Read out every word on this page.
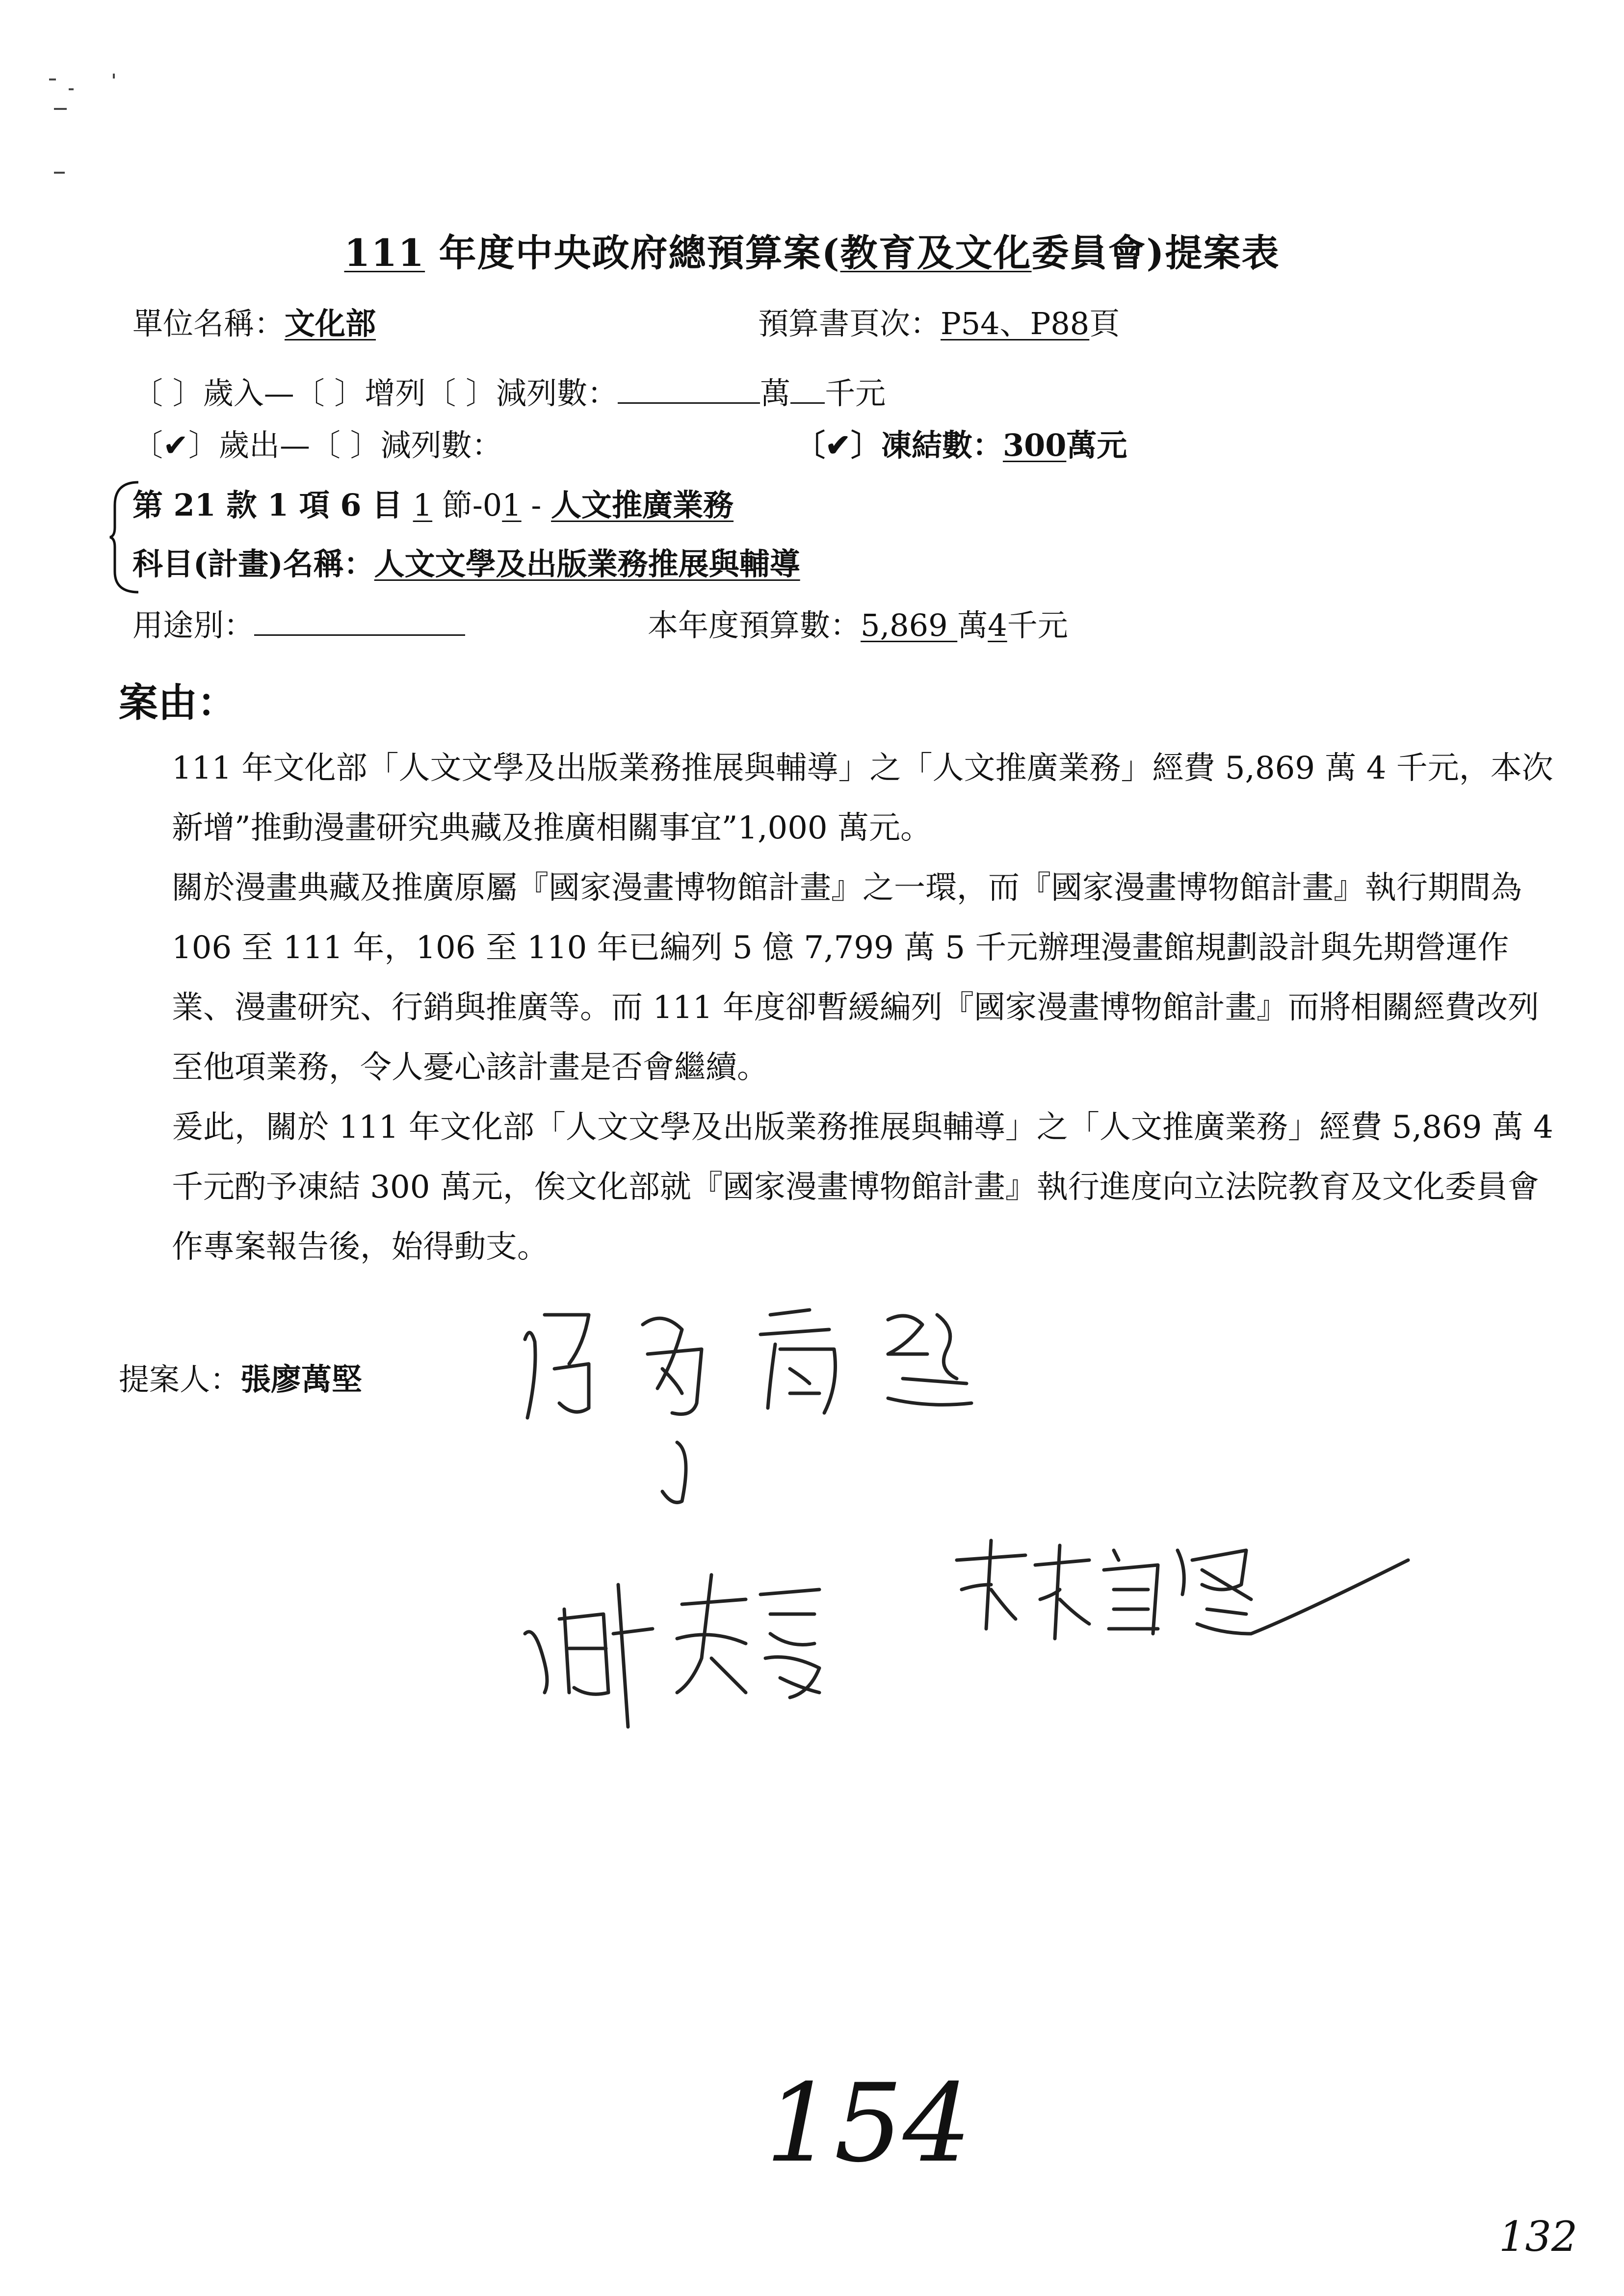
111 年度中央政府總預算案(教育及文化委員會)提案表
單位名稱：文化部	預算書頁次：P54、P88頁
〔 〕歲入—〔 〕增列〔 〕減列數：	萬 千元
〔✔〕歲出—〔 〕減列數：	〔✔〕凍結數：300萬元
第 21 款 1 項 6 目 1 節-01 - 人文推廣業務
科目(計畫)名稱：人文文學及出版業務推展與輔導
用途別：	本年度預算數：5,869 萬4千元
案由：

111 年文化部「人文文學及出版業務推展與輔導」之「人文推廣業務」經費 5,869 萬 4 千元，本次新增”推動漫畫研究典藏及推廣相關事宜”1,000 萬元。

關於漫畫典藏及推廣原屬『國家漫畫博物館計畫』之一環，而『國家漫畫博物館計畫』執行期間為 106 至 111 年，106 至 110 年已編列 5 億 7,799 萬 5 千元辦理漫畫館規劃設計與先期營運作業、漫畫研究、行銷與推廣等。而 111 年度卻暫緩編列『國家漫畫博物館計畫』而將相關經費改列至他項業務，令人憂心該計畫是否會繼續。

爰此，關於 111 年文化部「人文文學及出版業務推展與輔導」之「人文推廣業務」經費 5,869 萬 4 千元酌予凍結 300 萬元，俟文化部就『國家漫畫博物館計畫』執行進度向立法院教育及文化委員會作專案報告後，始得動支。

提案人：張廖萬堅
154
132
